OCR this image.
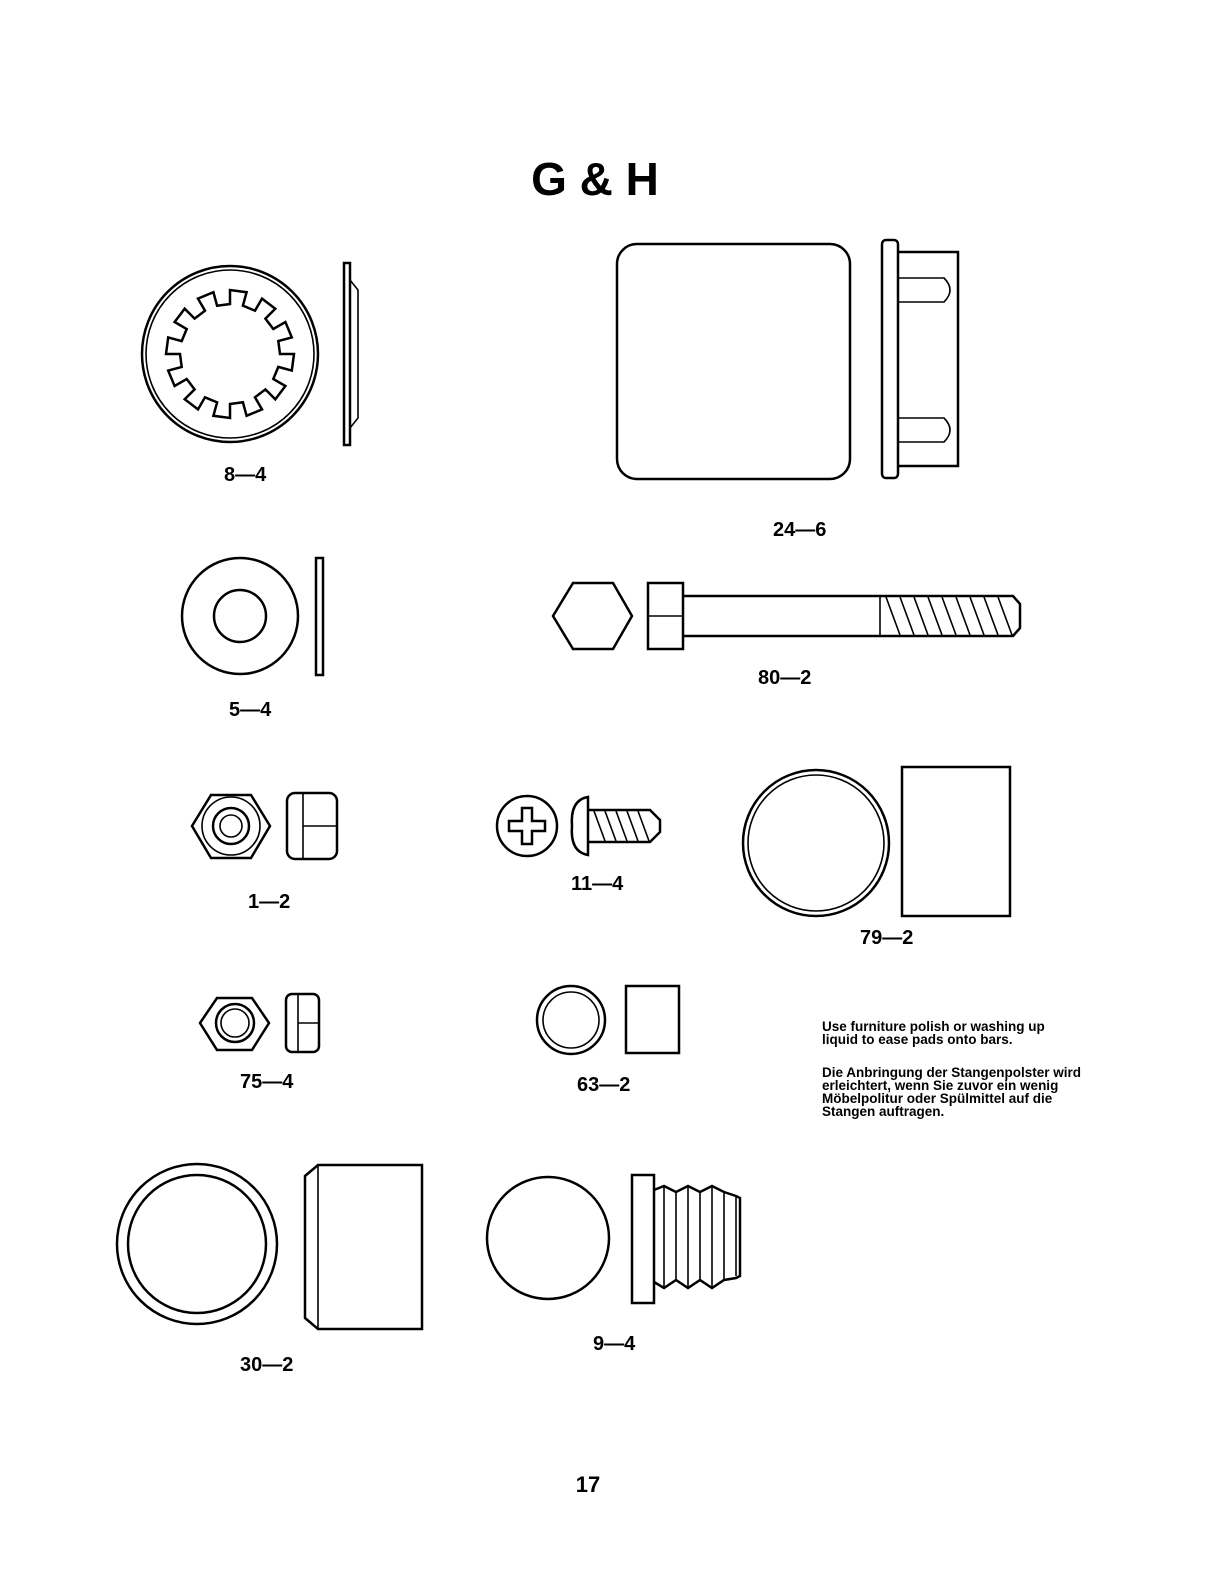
G & H
8—4
24—6
5—4
80—2
1—2
11—4
79—2
75—4	63—2
30—2
9—4
Use furniture polish or washing up liquid to ease pads onto bars.
Die Anbringung der Stangenpolster wird erleichtert, wenn Sie zuvor ein wenig Möbelpolitur oder Spülmittel auf die Stangen auftragen.
17
